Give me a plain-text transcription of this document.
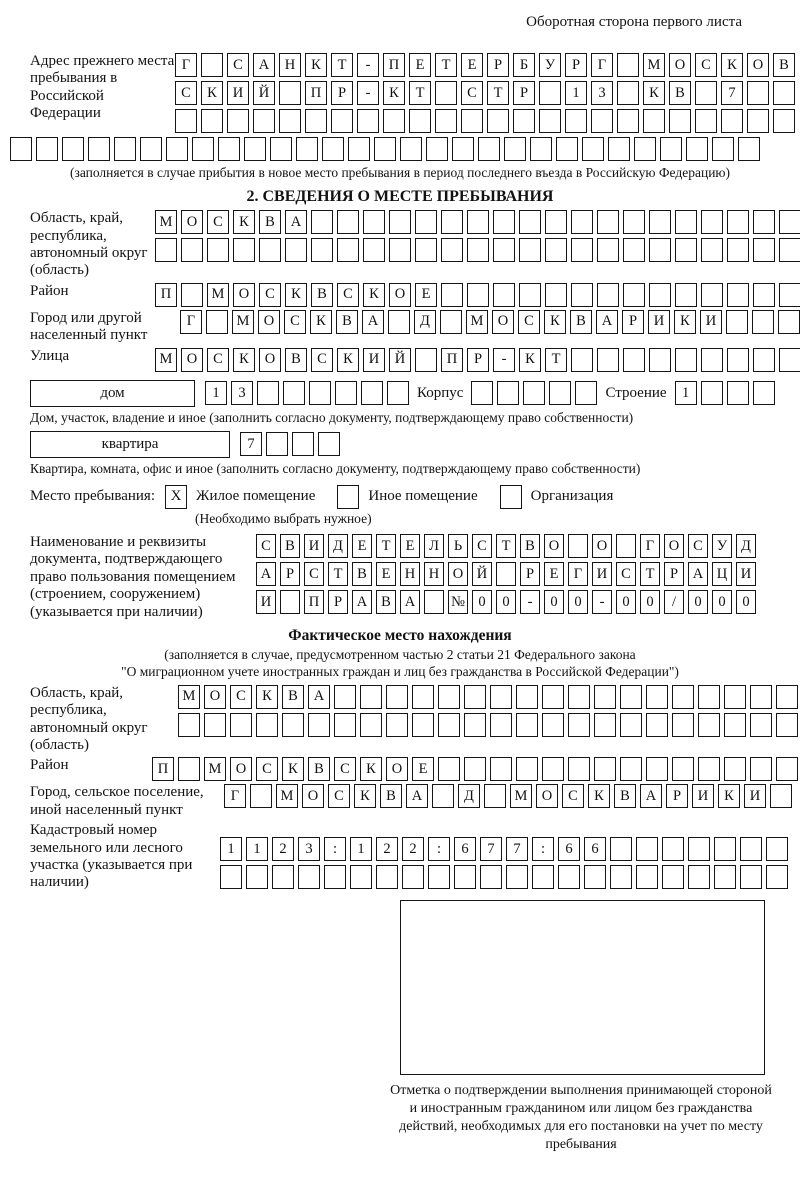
Оборотная сторона первого листа
Адрес прежнего места пребывания в Российской Федерации
Г	С	А	Н	К	Т	-	П	Е	Т	Е	Р	Б	У	Р	Г	М О	С	К	О	В
С	К	И	Й	П	Р	-	К	Т	С	Т	Р	1	3	К	В	7
(заполняется в случае прибытия в новое место пребывания в период последнего въезда в Российскую Федерацию)
2. СВЕДЕНИЯ О МЕСТЕ ПРЕБЫВАНИЯ
Область, край, республика, автономный округ (область)
М О	С	К	В	А
Район	П	М О	С	К	В	С	К	О	Е
Город или другой населенный пункт
Г	М О	С	К	В	А	Д	М О	С	К	В	А	Р	И	К	И
Улица	М О	С	К	О	В	С	К	И	Й	П	Р	-	К	Т
дом	1	3	Корпус	Строение	1
Дом, участок, владение и иное (заполнить согласно документу, подтверждающему право собственности)
квартира	7
Квартира, комната, офис и иное (заполнить согласно документу, подтверждающему право собственности)
Место пребывания:	X Жилое помещение	Иное помещение	Организация
(Необходимо выбрать нужное)
Наименование и реквизиты документа, подтверждающего право пользования помещением (строением, сооружением) (указывается при наличии)
С В И Д	Е	Т	Е	Л	Ь	С	Т	В О	О	Г	О С У Д
А	Р	С	Т	В	Е Н Н О Й	Р	Е	Г	И С	Т	Р	А Ц И
И	П	Р	А В А	№ 0	0	-	0	0	-	0	0	/	0	0	0
Фактическое место нахождения
(заполняется в случае, предусмотренном частью 2 статьи 21 Федерального закона
"О миграционном учете иностранных граждан и лиц без гражданства в Российской Федерации")
Область, край, республика, автономный округ (область)
М О	С	К	В	А
Район	П	М О	С	К	В	С	К	О	Е
Город, сельское поселение, иной населенный пункт
Г	М О	С	К	В	А	Д	М О	С	К	В	А	Р	И	К	И
Кадастровый номер земельного или лесного участка (указывается при наличии)
1	1	2	3	:	1	2	2	:	6	7	7	:	6	6
Отметка о подтверждении выполнения принимающей стороной и иностранным гражданином или лицом без гражданства действий, необходимых для его постановки на учет по месту пребывания
